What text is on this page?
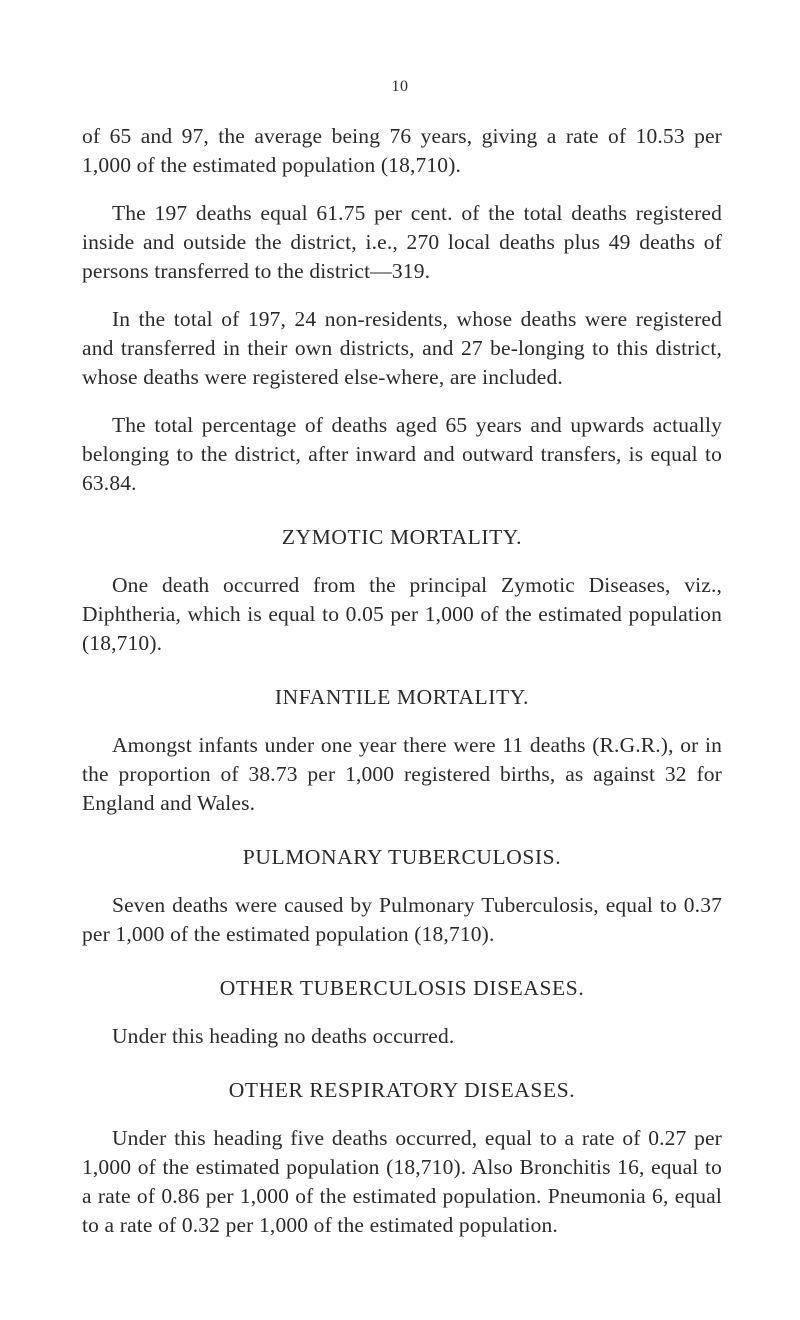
10

of 65 and 97, the average being 76 years, giving a rate of 10.53 per 1,000 of the estimated population (18,710).

The 197 deaths equal 61.75 per cent. of the total deaths registered inside and outside the district, i.e., 270 local deaths plus 49 deaths of persons transferred to the district—319.

In the total of 197, 24 non-residents, whose deaths were registered and transferred in their own districts, and 27 be-longing to this district, whose deaths were registered else-where, are included.

The total percentage of deaths aged 65 years and upwards actually belonging to the district, after inward and outward transfers, is equal to 63.84.

ZYMOTIC MORTALITY.

One death occurred from the principal Zymotic Diseases, viz., Diphtheria, which is equal to 0.05 per 1,000 of the estimated population (18,710).

INFANTILE MORTALITY.

Amongst infants under one year there were 11 deaths (R.G.R.), or in the proportion of 38.73 per 1,000 registered births, as against 32 for England and Wales.

PULMONARY TUBERCULOSIS.

Seven deaths were caused by Pulmonary Tuberculosis, equal to 0.37 per 1,000 of the estimated population (18,710).

OTHER TUBERCULOSIS DISEASES.

Under this heading no deaths occurred.

OTHER RESPIRATORY DISEASES.

Under this heading five deaths occurred, equal to a rate of 0.27 per 1,000 of the estimated population (18,710). Also Bronchitis 16, equal to a rate of 0.86 per 1,000 of the estimated population. Pneumonia 6, equal to a rate of 0.32 per 1,000 of the estimated population.
